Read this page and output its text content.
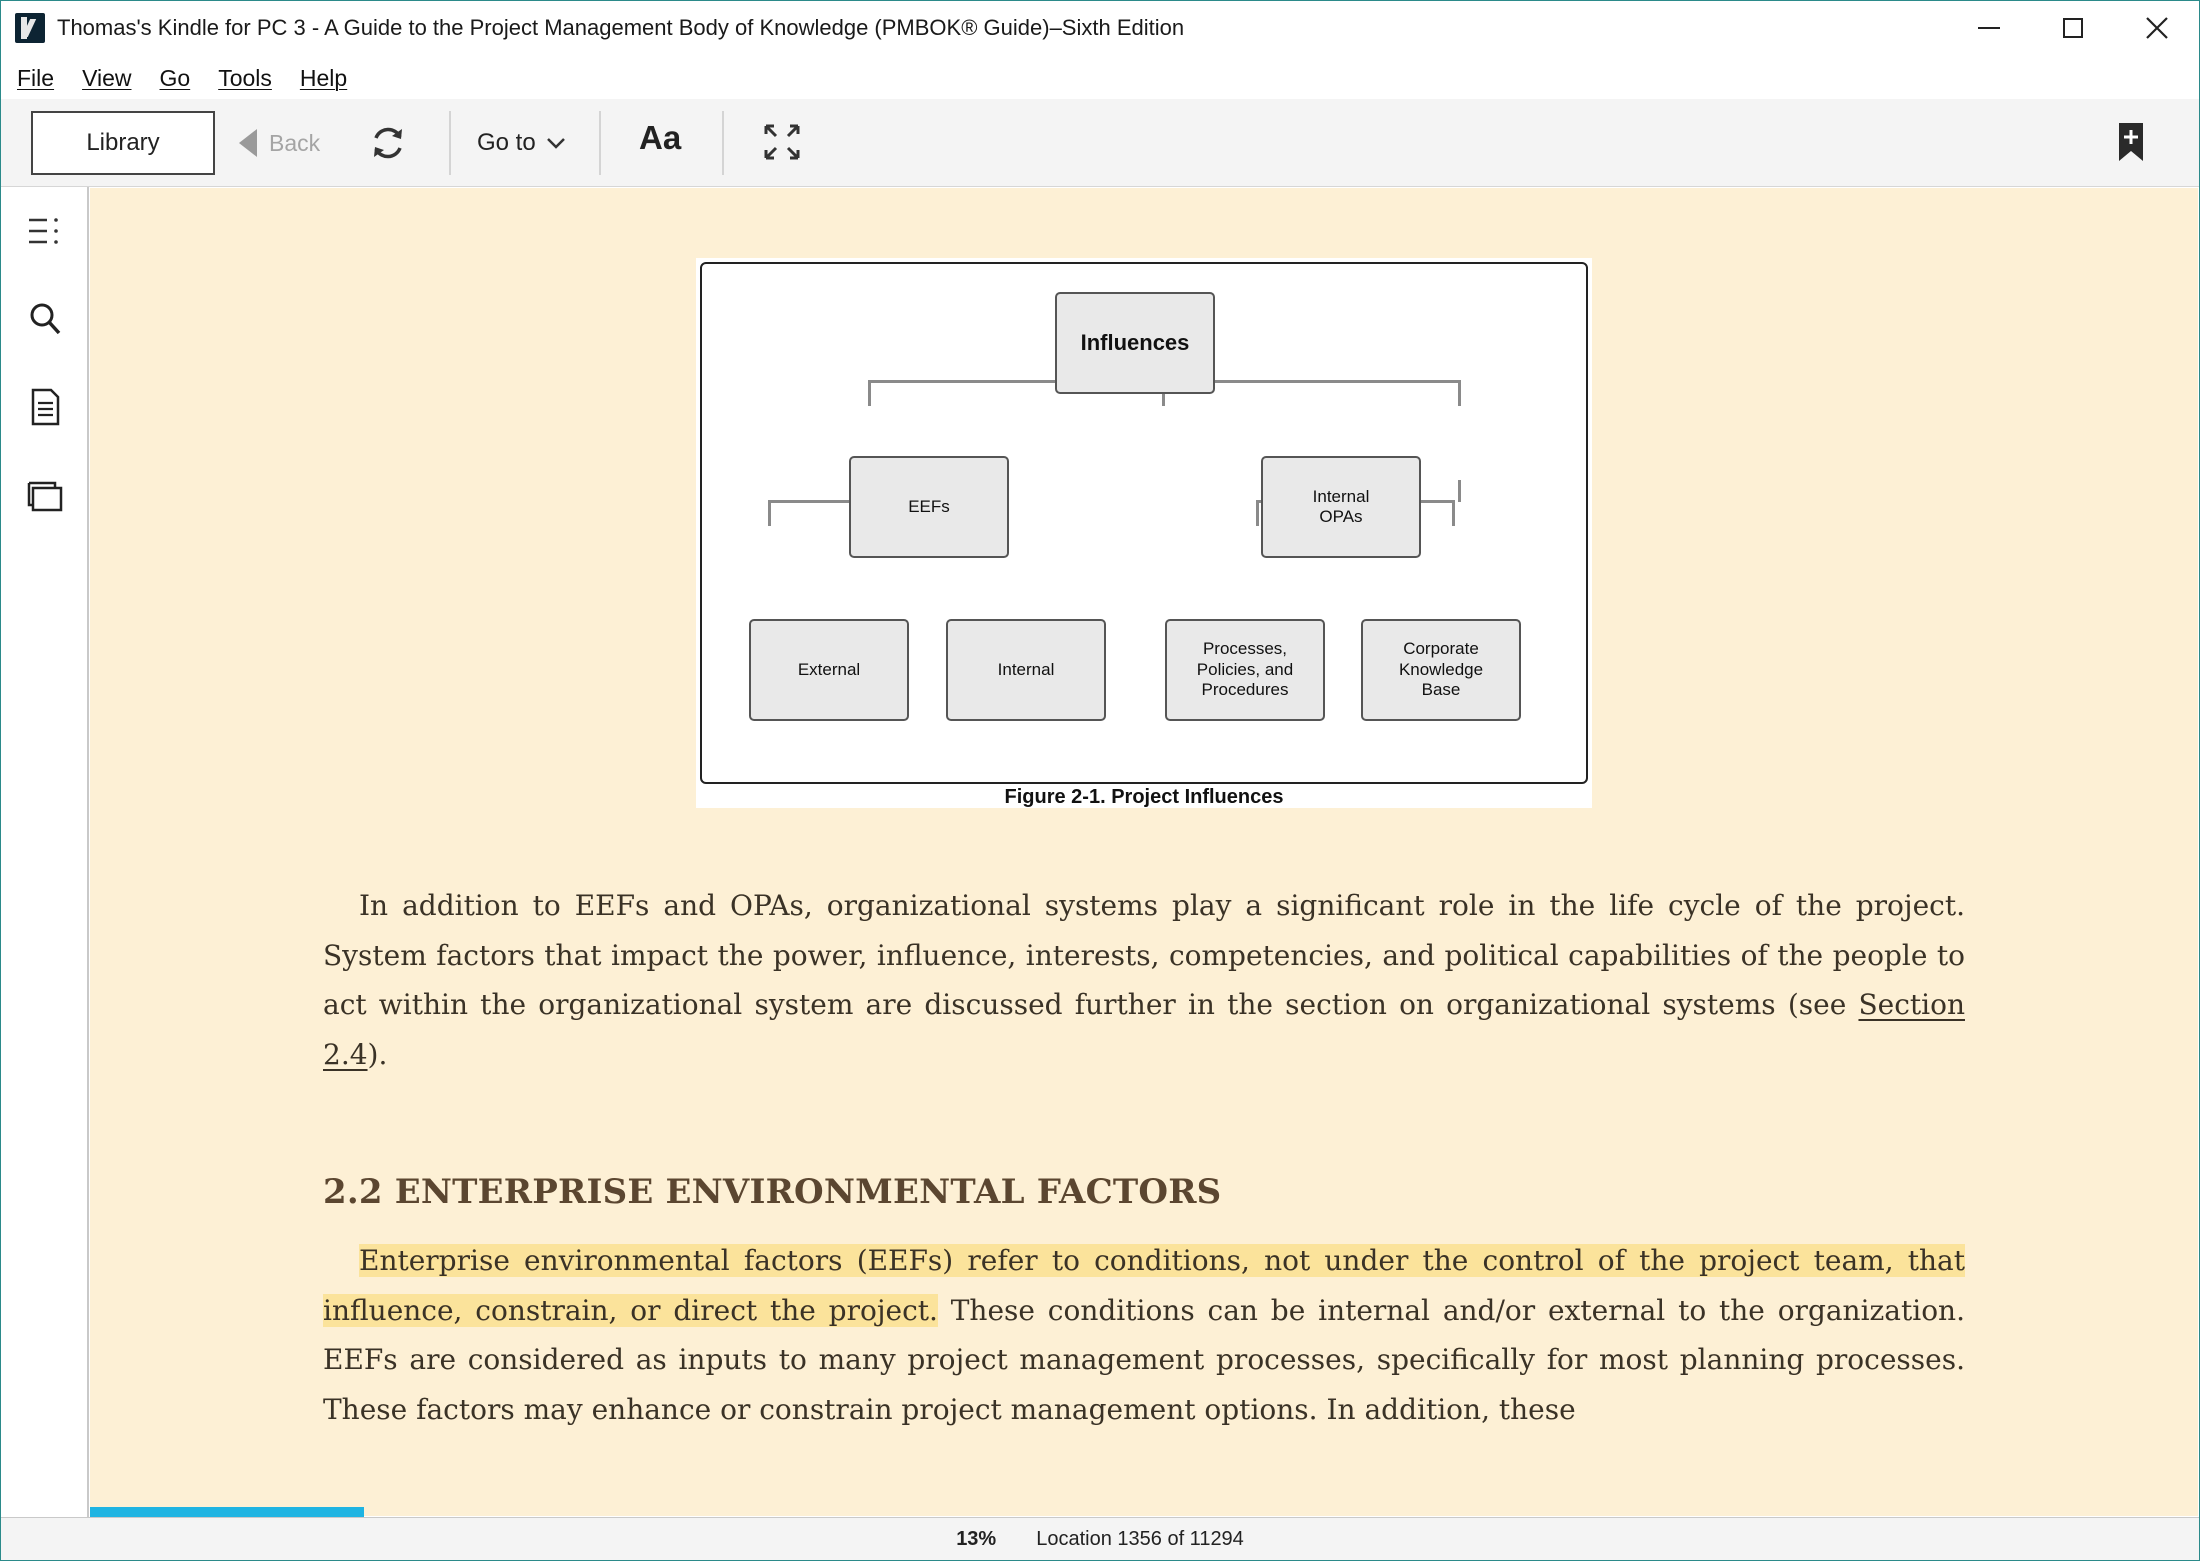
Thomas's Kindle for PC 3 - A Guide to the Project Management Body of Knowledge (PMBOK® Guide)–Sixth Edition
File View Go Tools Help
Library	Back	Go to	Aa
Influences
EEFs
Internal
OPAs
External	Internal
Processes,
Policies, and
Procedures
Corporate
Knowledge
Base
Figure 2-1. Project Influences
In addition to EEFs and OPAs, organizational systems play a significant role in the life cycle of the project. System factors that impact the power, influence, interests, competencies, and political capabilities of the people to act within the organizational system are discussed further in the section on organizational systems (see Section 2.4).
2.2 ENTERPRISE ENVIRONMENTAL FACTORS
Enterprise environmental factors (EEFs) refer to conditions, not under the control of the project team, that influence, constrain, or direct the project. These conditions can be internal and/or external to the organization. EEFs are considered as inputs to many project management processes, specifically for most planning processes. These factors may enhance or constrain project management options. In addition, these
13% Location 1356 of 11294
